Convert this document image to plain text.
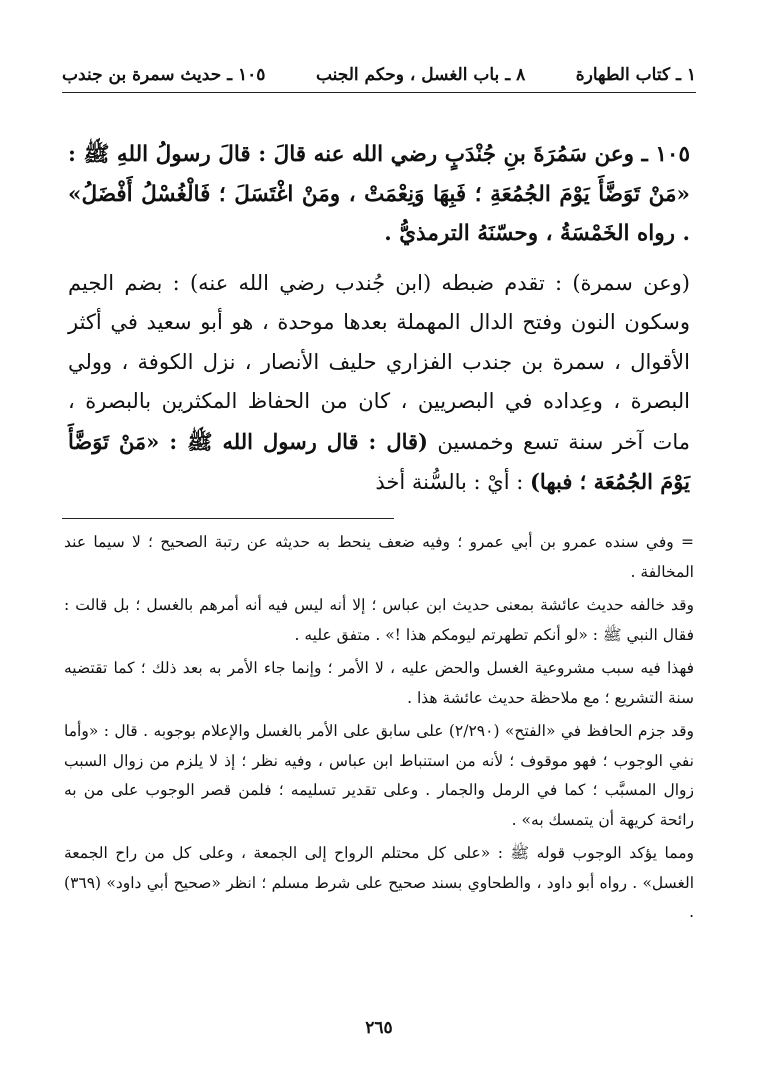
١ ـ كتاب الطهارة
٨ ـ باب الغسل ، وحكم الجنب
١٠٥ ـ حديث سمرة بن جندب

١٠٥ ـ وعن سَمُرَةَ بنِ جُنْدَبٍ رضي الله عنه قالَ : قالَ رسولُ اللهِ ﷺ : «مَنْ تَوَضَّأَ يَوْمَ الجُمُعَةِ ؛ فَبِهَا وَنِعْمَتْ ، ومَنْ اغْتَسَلَ ؛ فَالْغُسْلُ أَفْضَلُ» . رواه الخَمْسَةُ ، وحسّنَهُ الترمذيُّ .

(وعن سمرة) : تقدم ضبطه (ابن جُندب رضي الله عنه) : بضم الجيم وسكون النون وفتح الدال المهملة بعدها موحدة ، هو أبو سعيد في أكثر الأقوال ، سمرة بن جندب الفزاري حليف الأنصار ، نزل الكوفة ، وولي البصرة ، وعِداده في البصريين ، كان من الحفاظ المكثرين بالبصرة ، مات آخر سنة تسع وخمسين (قال : قال رسول الله ﷺ : «مَنْ تَوَضَّأَ يَوْمَ الجُمُعَة ؛ فبها) : أيْ : بالسُّنة أخذ

= وفي سنده عمرو بن أبي عمرو ؛ وفيه ضعف ينحط به حديثه عن رتبة الصحيح ؛ لا سيما عند المخالفة .

وقد خالفه حديث عائشة بمعنى حديث ابن عباس ؛ إلا أنه ليس فيه أنه أمرهم بالغسل ؛ بل قالت : فقال النبي ﷺ : «لو أنكم تطهرتم ليومكم هذا !» . متفق عليه .

فهذا فيه سبب مشروعية الغسل والحض عليه ، لا الأمر ؛ وإنما جاء الأمر به بعد ذلك ؛ كما تقتضيه سنة التشريع ؛ مع ملاحظة حديث عائشة هذا .

وقد جزم الحافظ في «الفتح» (٢/٢٩٠) على سابق على الأمر بالغسل والإعلام بوجوبه . قال : «وأما نفي الوجوب ؛ فهو موقوف ؛ لأنه من استنباط ابن عباس ، وفيه نظر ؛ إذ لا يلزم من زوال السبب زوال المسبَّب ؛ كما في الرمل والجمار . وعلى تقدير تسليمه ؛ فلمن قصر الوجوب على من به رائحة كريهة أن يتمسك به» .

ومما يؤكد الوجوب قوله ﷺ : «على كل محتلم الرواح إلى الجمعة ، وعلى كل من راح الجمعة الغسل» . رواه أبو داود ، والطحاوي بسند صحيح على شرط مسلم ؛ انظر «صحيح أبي داود» (٣٦٩) .

٢٦٥
